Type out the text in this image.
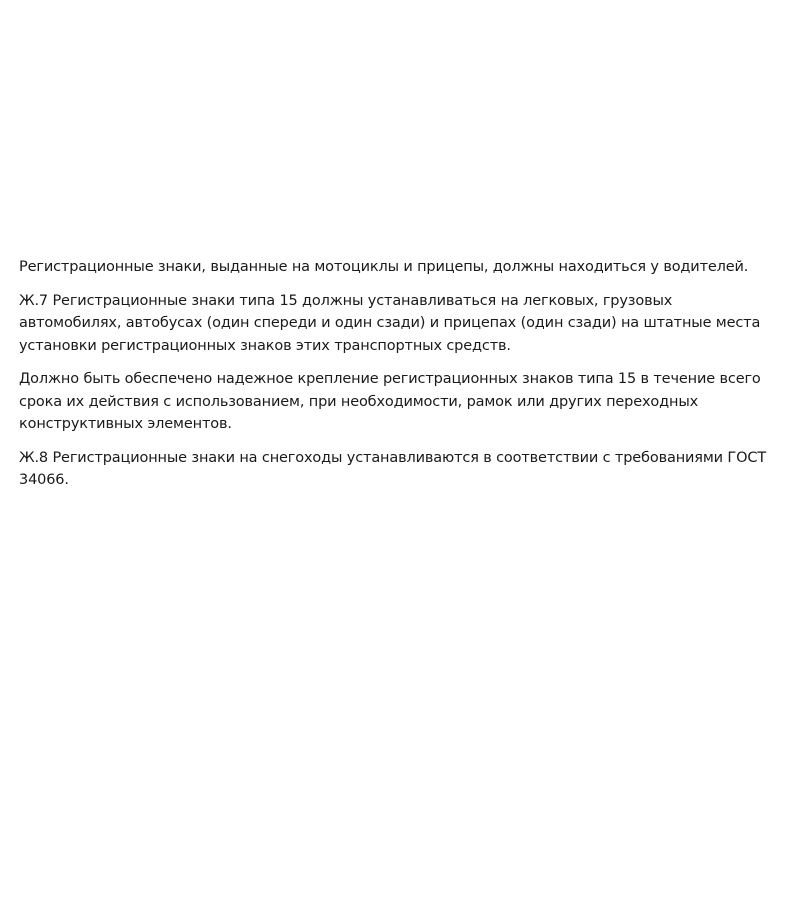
Регистрационные знаки, выданные на мотоциклы и прицепы, должны находиться у водителей.

Ж.7 Регистрационные знаки типа 15 должны устанавливаться на легковых, грузовых автомобилях, автобусах (один спереди и один сзади) и прицепах (один сзади) на штатные места установки регистрационных знаков этих транспортных средств.

Должно быть обеспечено надежное крепление регистрационных знаков типа 15 в течение всего срока их действия с использованием, при необходимости, рамок или других переходных конструктивных элементов.

Ж.8 Регистрационные знаки на снегоходы устанавливаются в соответствии с требованиями ГОСТ 34066.
